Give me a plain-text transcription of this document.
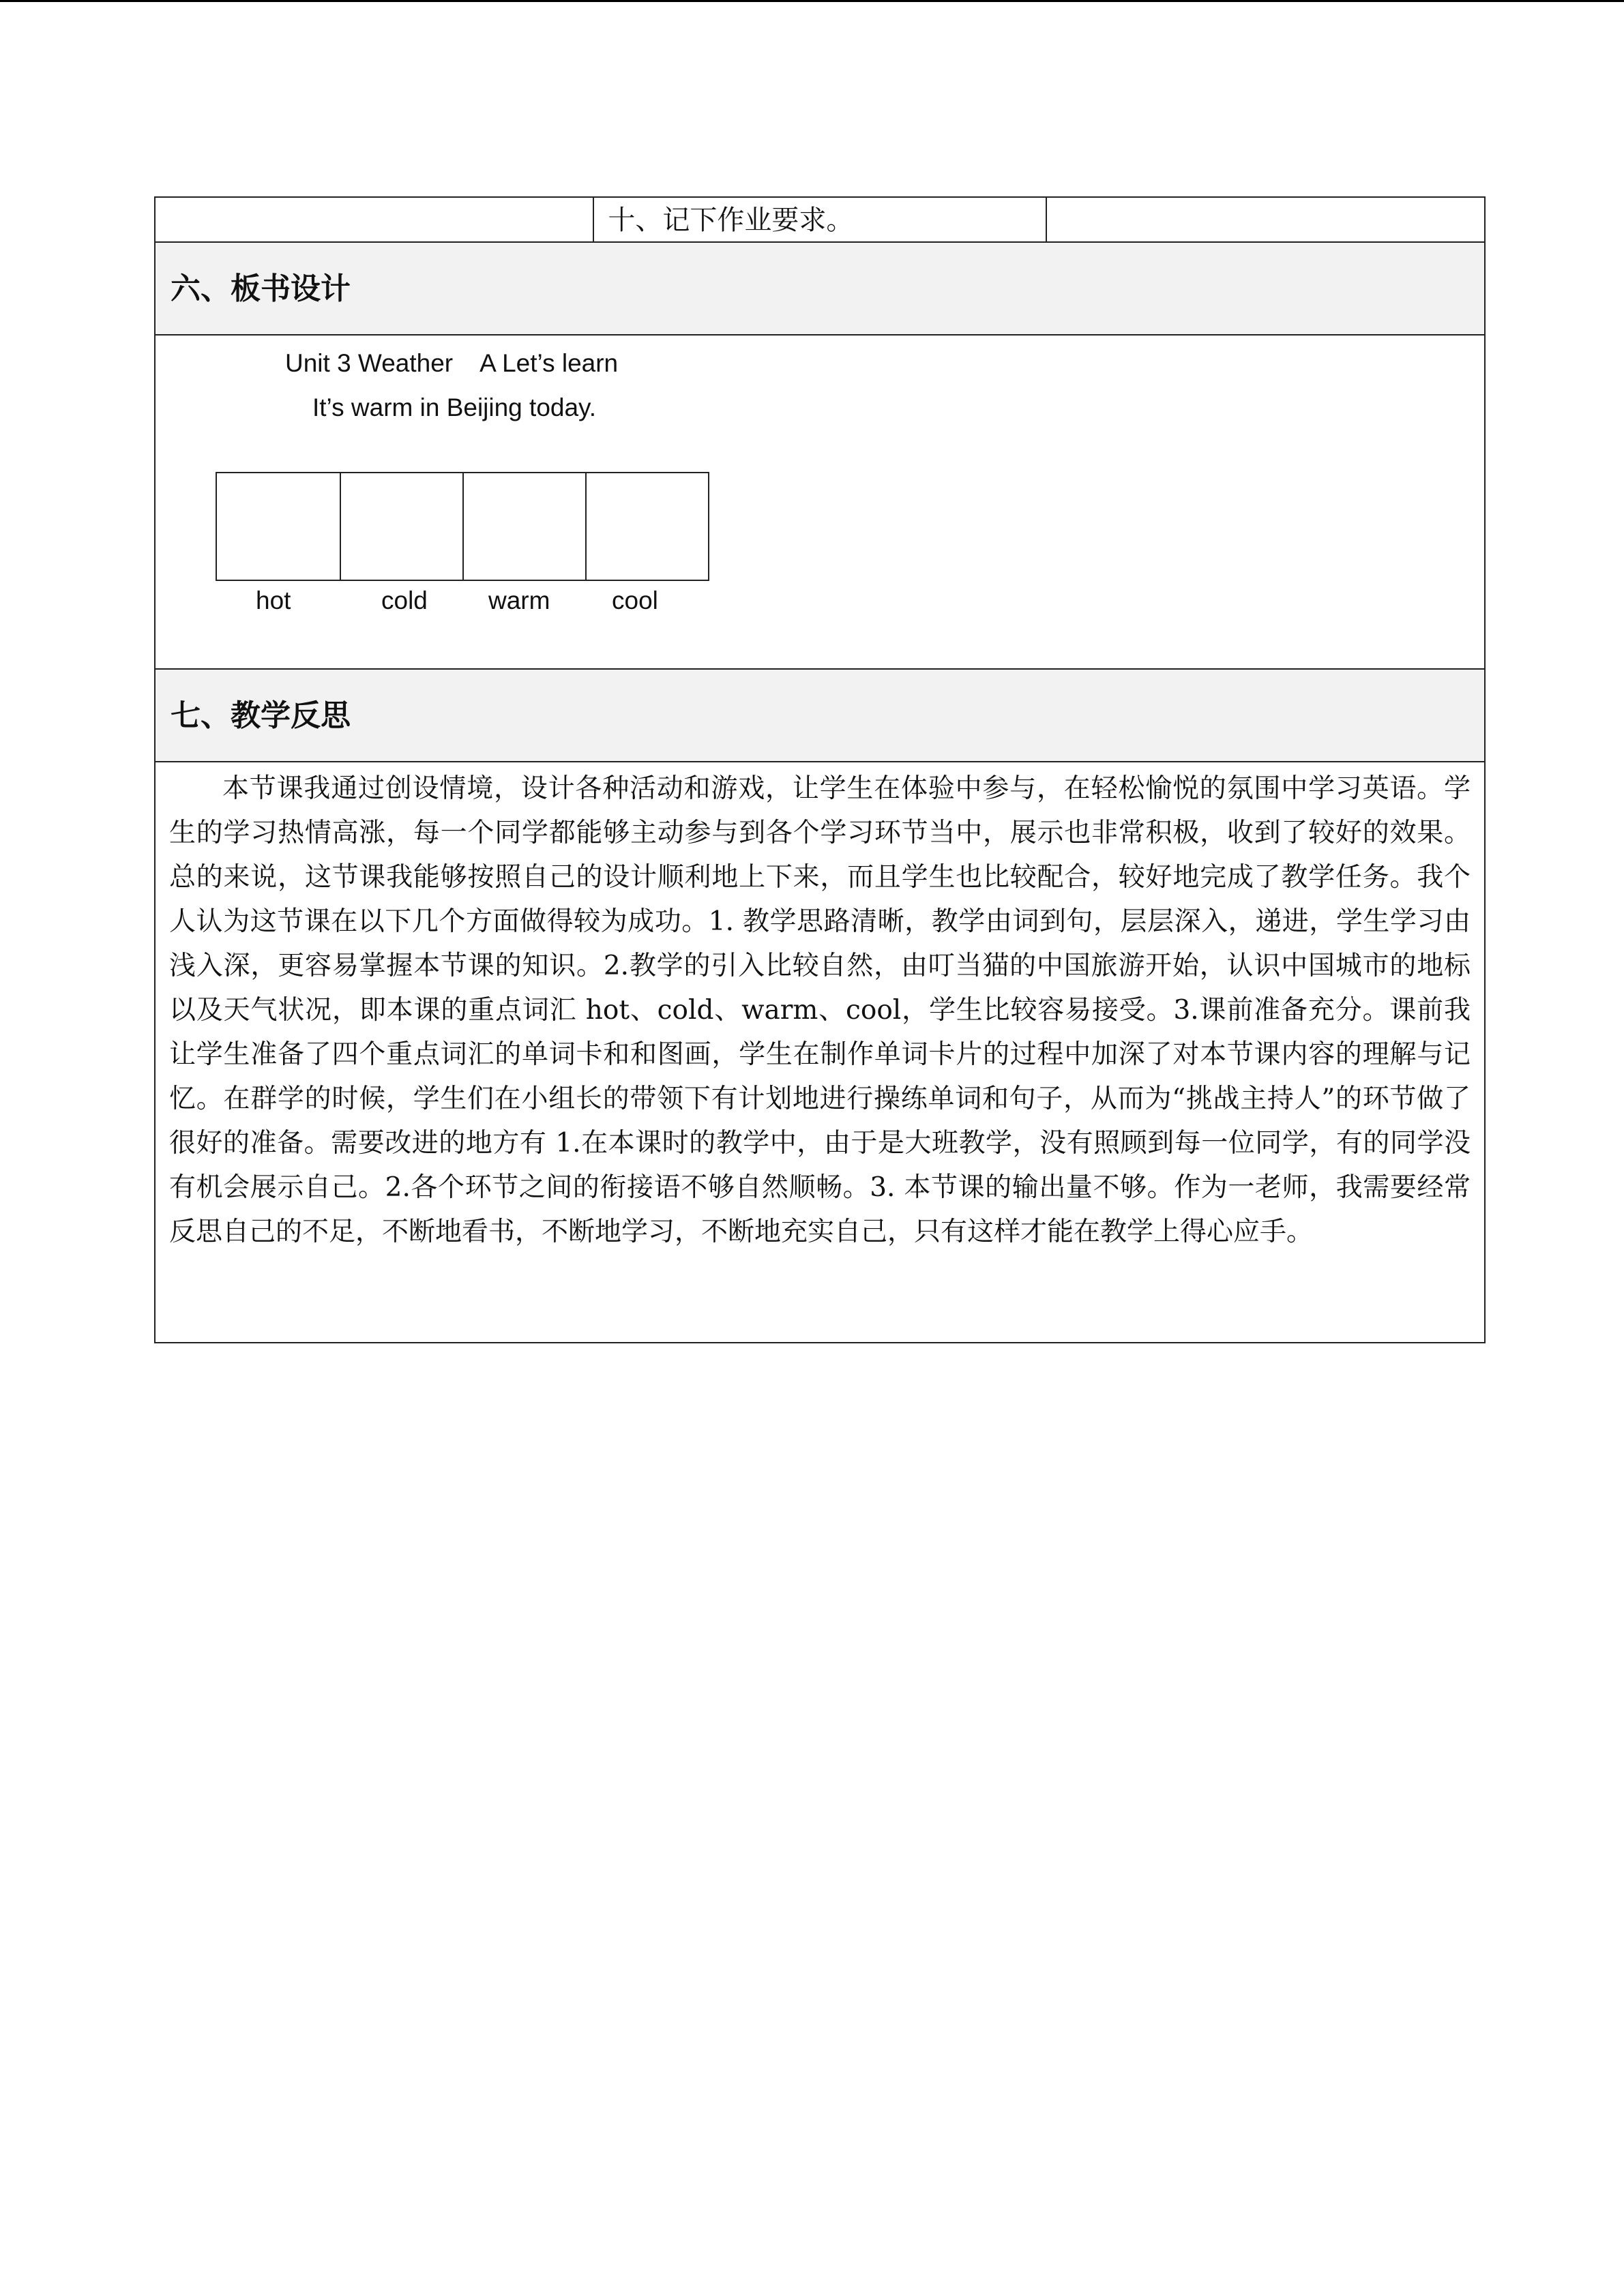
十、记下作业要求。
六、板书设计
Unit 3 Weather    A Let’s learn
It’s warm in Beijing today.
hot	cold warm cool
七、教学反思
本节课我通过创设情境，设计各种活动和游戏，让学生在体验中参与，在轻松愉悦的氛围中学习英语。学生的学习热情高涨，每一个同学都能够主动参与到各个学习环节当中，展示也非常积极，收到了较好的效果。总的来说，这节课我能够按照自己的设计顺利地上下来，而且学生也比较配合，较好地完成了教学任务。我个人认为这节课在以下几个方面做得较为成功。1. 教学思路清晰，教学由词到句，层层深入，递进，学生学习由浅入深，更容易掌握本节课的知识。2.教学的引入比较自然，由叮当猫的中国旅游开始，认识中国城市的地标以及天气状况，即本课的重点词汇 hot、cold、warm、cool，学生比较容易接受。3.课前准备充分。课前我让学生准备了四个重点词汇的单词卡和和图画，学生在制作单词卡片的过程中加深了对本节课内容的理解与记忆。在群学的时候，学生们在小组长的带领下有计划地进行操练单词和句子，从而为“挑战主持人”的环节做了很好的准备。需要改进的地方有 1.在本课时的教学中，由于是大班教学，没有照顾到每一位同学，有的同学没有机会展示自己。2.各个环节之间的衔接语不够自然顺畅。3. 本节课的输出量不够。作为一老师，我需要经常反思自己的不足，不断地看书，不断地学习，不断地充实自己，只有这样才能在教学上得心应手。
